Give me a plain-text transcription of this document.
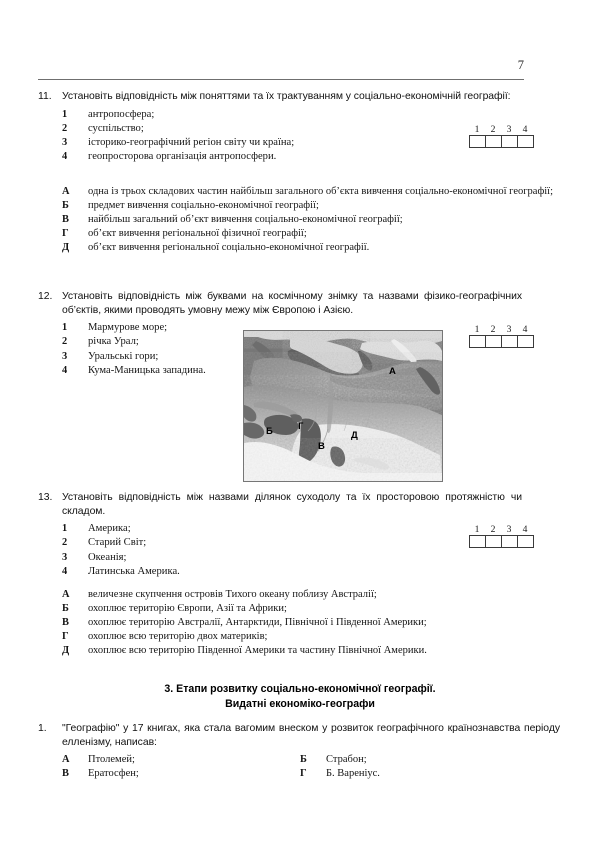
7
11. Установіть відповідність між поняттями та їх трактуванням у соціально-економічній географії:
1 антропосфера;
2 суспільство;
3 історико-географічний регіон світу чи країна;
4 геопросторова організація антропосфери.
1	2	3	4
А одна із трьох складових частин найбільш загального об’єкта вивчення соціально-економічної географії;
Б предмет вивчення соціально-економічної географії;
В найбільш загальний об’єкт вивчення соціально-економічної географії;
Г об’єкт вивчення регіональної фізичної географії;
Д об’єкт вивчення регіональної соціально-економічної географії.
12. Установіть відповідність між буквами на космічному знімку та назвами фізико-географічних об’єктів, якими проводять умовну межу між Європою і Азією.
1 Мармурове море;
2 річка Урал;
3 Уральські гори;
4 Кума-Маницька западина.
1	2	3	4
А
Б	Г
В
Д
13. Установіть відповідність між назвами ділянок суходолу та їх просторовою протяжністю чи складом.
1 Америка;
2 Старий Світ;
3 Океанія;
4 Латинська Америка.
1	2	3	4
А величезне скупчення островів Тихого океану поблизу Австралії;
Б охоплює територію Європи, Азії та Африки;
В охоплює територію Австралії, Антарктиди, Північної і Південної Америки;
Г охоплює всю територію двох материків;
Д охоплює всю територію Південної Америки та частину Північної Америки.
3. Етапи розвитку соціально-економічної географії.
Видатні економіко-географи
1. "Географію" у 17 книгах, яка стала вагомим внеском у розвиток географічного країнознавства періоду елленізму, написав:
А Птолемей;	Б Страбон;
В Ератосфен;	Г Б. Вареніус.
